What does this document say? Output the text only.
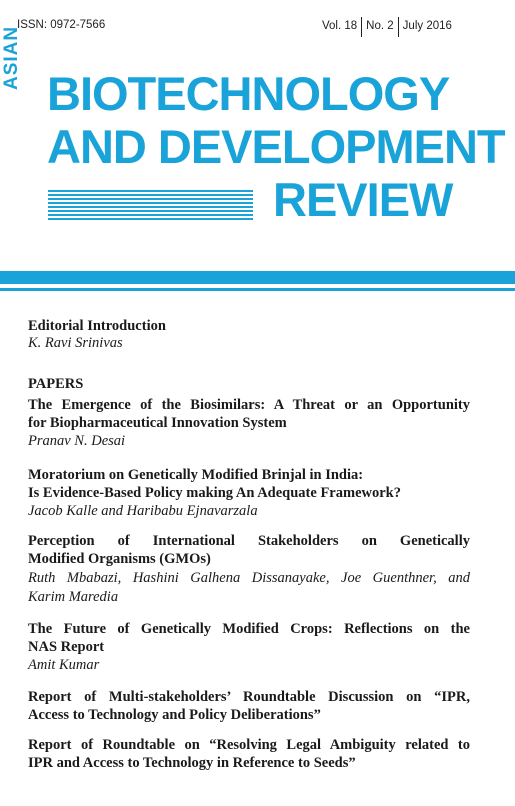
ISSN: 0972-7566	Vol. 18 No. 2 July 2016
ASIAN
BIOTECHNOLOGY
AND DEVELOPMENT
REVIEW
Editorial Introduction
K. Ravi Srinivas
PAPERS
The Emergence of the Biosimilars: A Threat or an Opportunity
for Biopharmaceutical Innovation System
Pranav N. Desai
Moratorium on Genetically Modified Brinjal in India:
Is Evidence-Based Policy making An Adequate Framework?
Jacob Kalle and Haribabu Ejnavarzala
Perception of International Stakeholders on Genetically
Modified Organisms (GMOs)
Ruth Mbabazi, Hashini Galhena Dissanayake, Joe Guenthner, and
Karim Maredia
The Future of Genetically Modified Crops: Reflections on the
NAS Report
Amit Kumar
Report of Multi-stakeholders’ Roundtable Discussion on “IPR,
Access to Technology and Policy Deliberations”
Report of Roundtable on “Resolving Legal Ambiguity related to
IPR and Access to Technology in Reference to Seeds”
